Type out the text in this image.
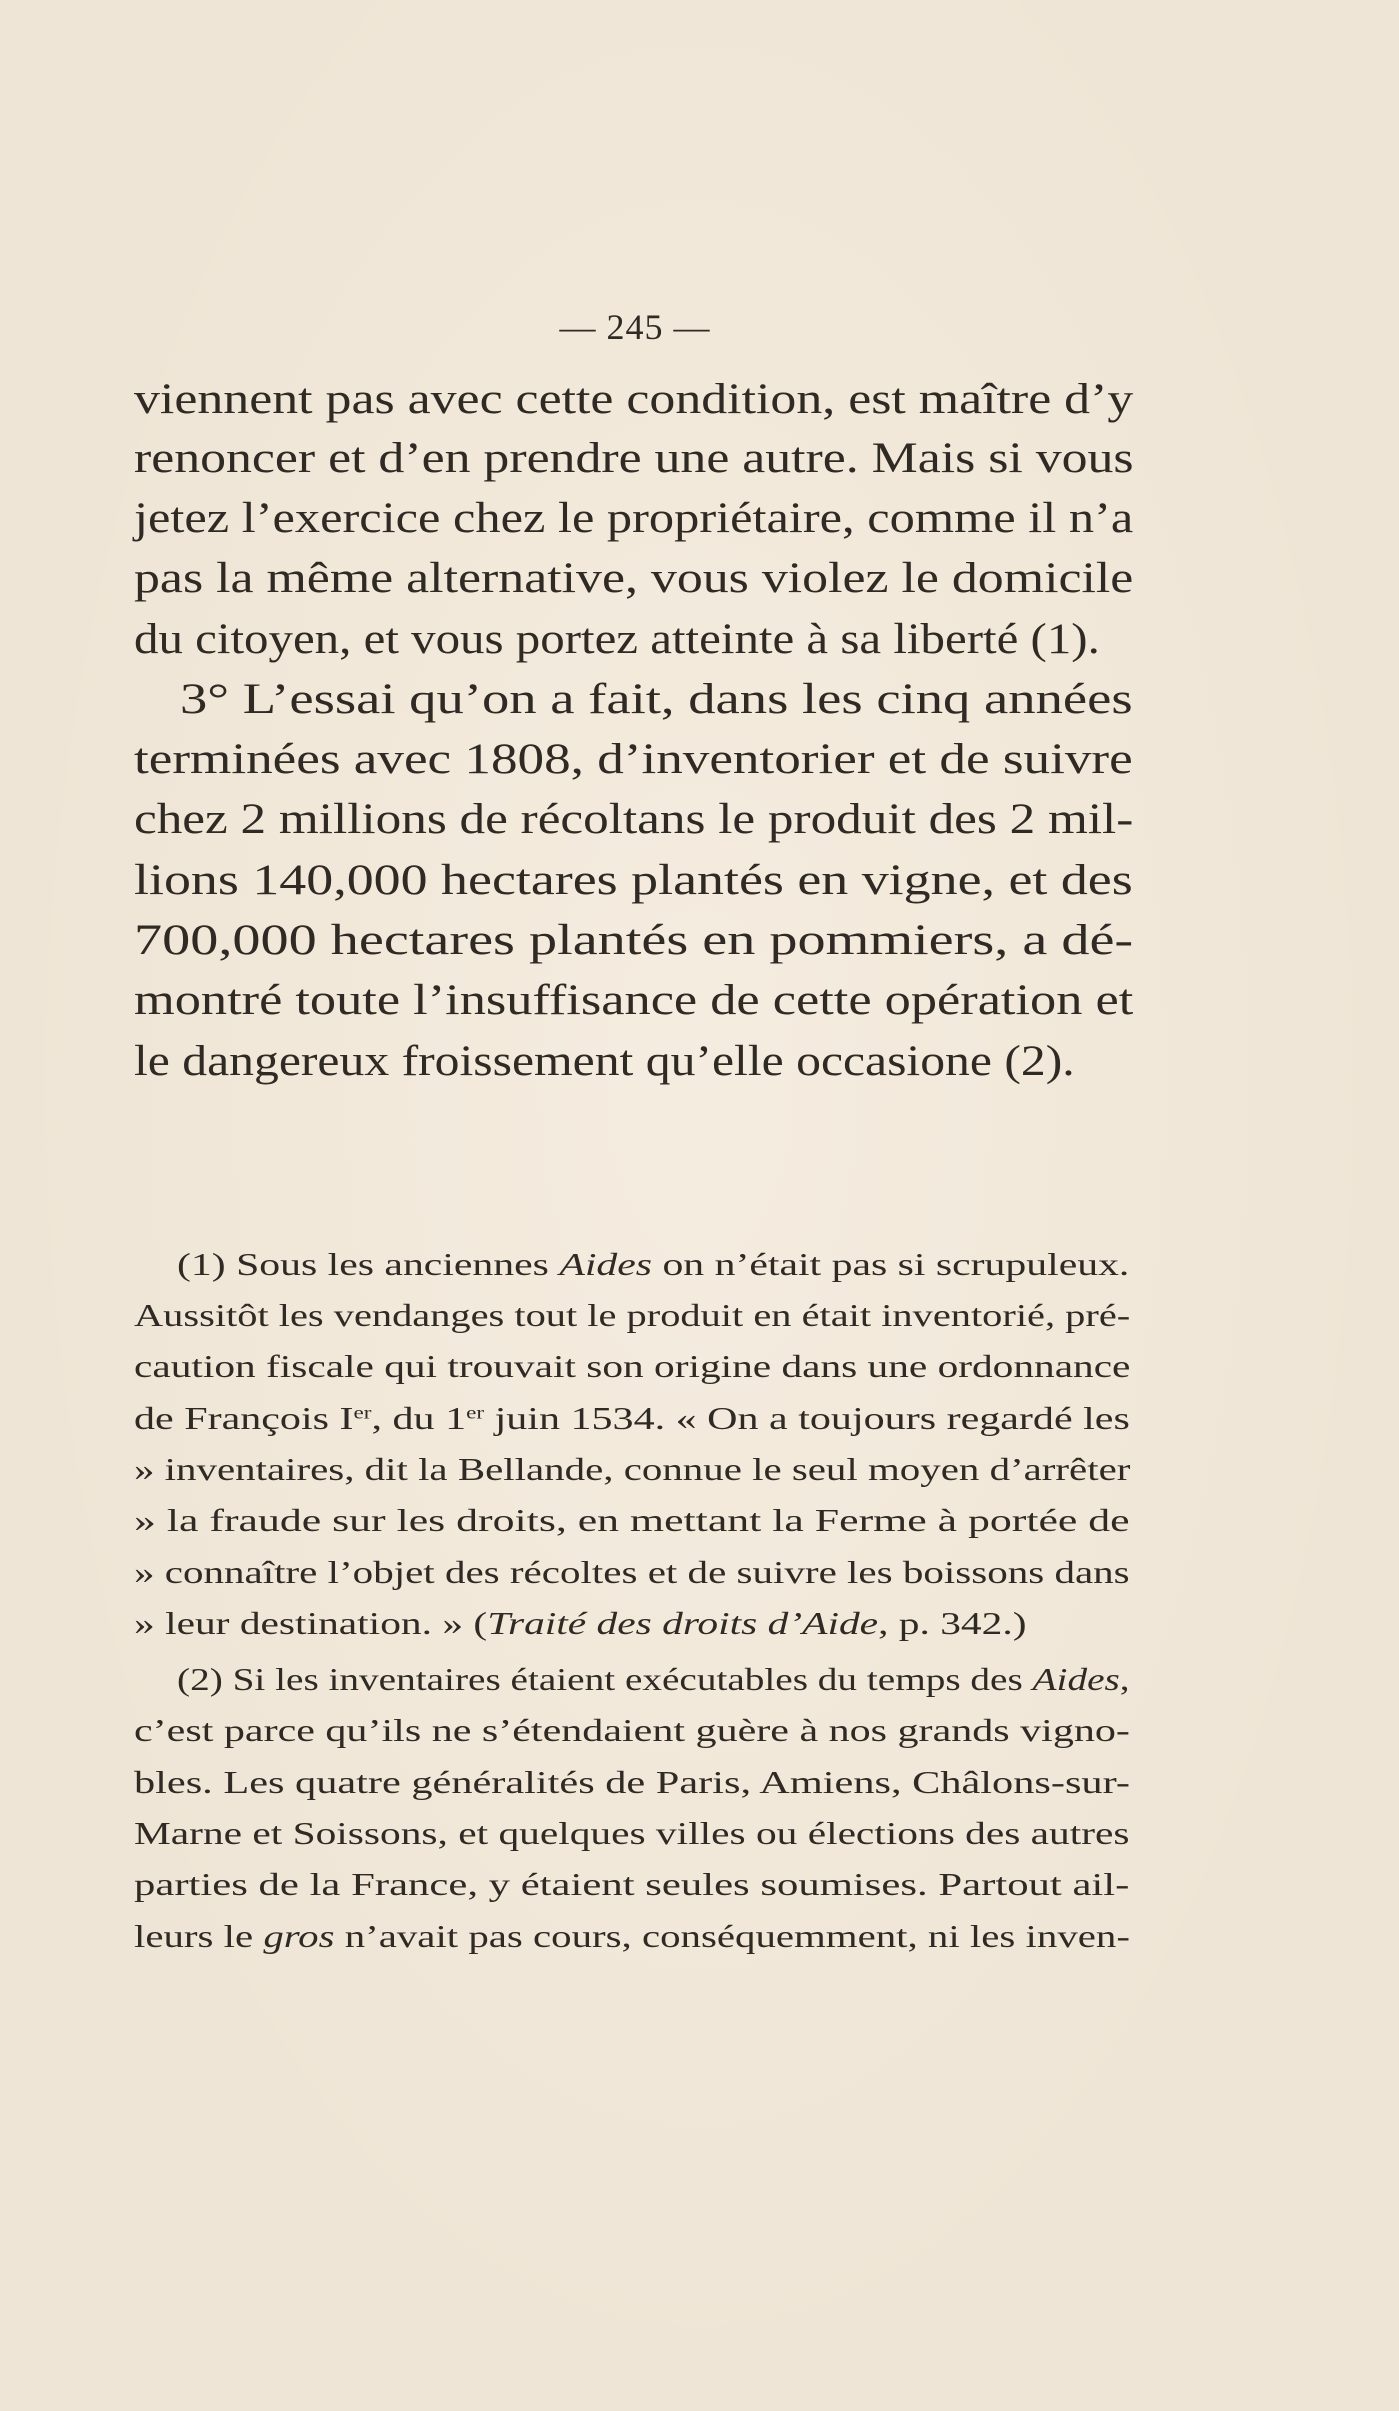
— 245 —
viennent pas avec cette condition, est maître d’y
renoncer et d’en prendre une autre. Mais si vous
jetez l’exercice chez le propriétaire, comme il n’a
pas la même alternative, vous violez le domicile
du citoyen, et vous portez atteinte à sa liberté (1).
3° L’essai qu’on a fait, dans les cinq années
terminées avec 1808, d’inventorier et de suivre
chez 2 millions de récoltans le produit des 2 mil-
lions 140,000 hectares plantés en vigne, et des
700,000 hectares plantés en pommiers, a dé-
montré toute l’insuffisance de cette opération et
le dangereux froissement qu’elle occasione (2).
(1) Sous les anciennes Aides on n’était pas si scrupuleux.
Aussitôt les vendanges tout le produit en était inventorié, pré-
caution fiscale qui trouvait son origine dans une ordonnance
de François Ier, du 1er juin 1534. « On a toujours regardé les
» inventaires, dit la Bellande, connue le seul moyen d’arrêter
» la fraude sur les droits, en mettant la Ferme à portée de
» connaître l’objet des récoltes et de suivre les boissons dans
» leur destination. » (Traité des droits d’Aide, p. 342.)
(2) Si les inventaires étaient exécutables du temps des Aides,
c’est parce qu’ils ne s’étendaient guère à nos grands vigno-
bles. Les quatre généralités de Paris, Amiens, Châlons-sur-
Marne et Soissons, et quelques villes ou élections des autres
parties de la France, y étaient seules soumises. Partout ail-
leurs le gros n’avait pas cours, conséquemment, ni les inven-
